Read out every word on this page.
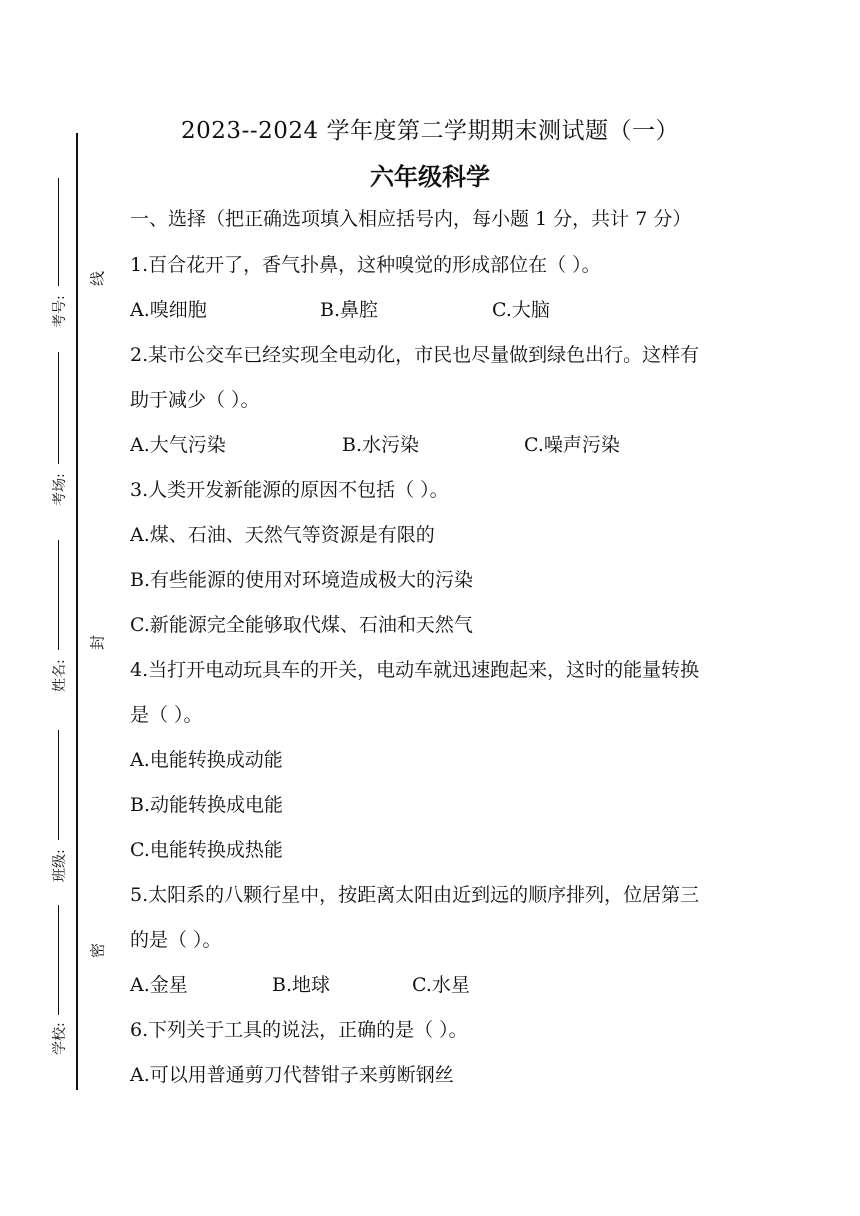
线
封
密
考号:
考场:
姓名:
班级:
学校:
2023--2024 学年度第二学期期末测试题（一）
六年级科学
一、选择（把正确选项填入相应括号内，每小题 1 分，共计 7 分）
1.百合花开了，香气扑鼻，这种嗅觉的形成部位在（ ）。
A.嗅细胞	B.鼻腔	C.大脑
2.某市公交车已经实现全电动化，市民也尽量做到绿色出行。这样有
助于减少（ ）。
A.大气污染	B.水污染	C.噪声污染
3.人类开发新能源的原因不包括（ ）。
A.煤、石油、天然气等资源是有限的
B.有些能源的使用对环境造成极大的污染
C.新能源完全能够取代煤、石油和天然气
4.当打开电动玩具车的开关，电动车就迅速跑起来，这时的能量转换
是（ ）。
A.电能转换成动能
B.动能转换成电能
C.电能转换成热能
5.太阳系的八颗行星中，按距离太阳由近到远的顺序排列，位居第三
的是（ ）。
A.金星	B.地球	C.水星
6.下列关于工具的说法，正确的是（ ）。
A.可以用普通剪刀代替钳子来剪断钢丝
